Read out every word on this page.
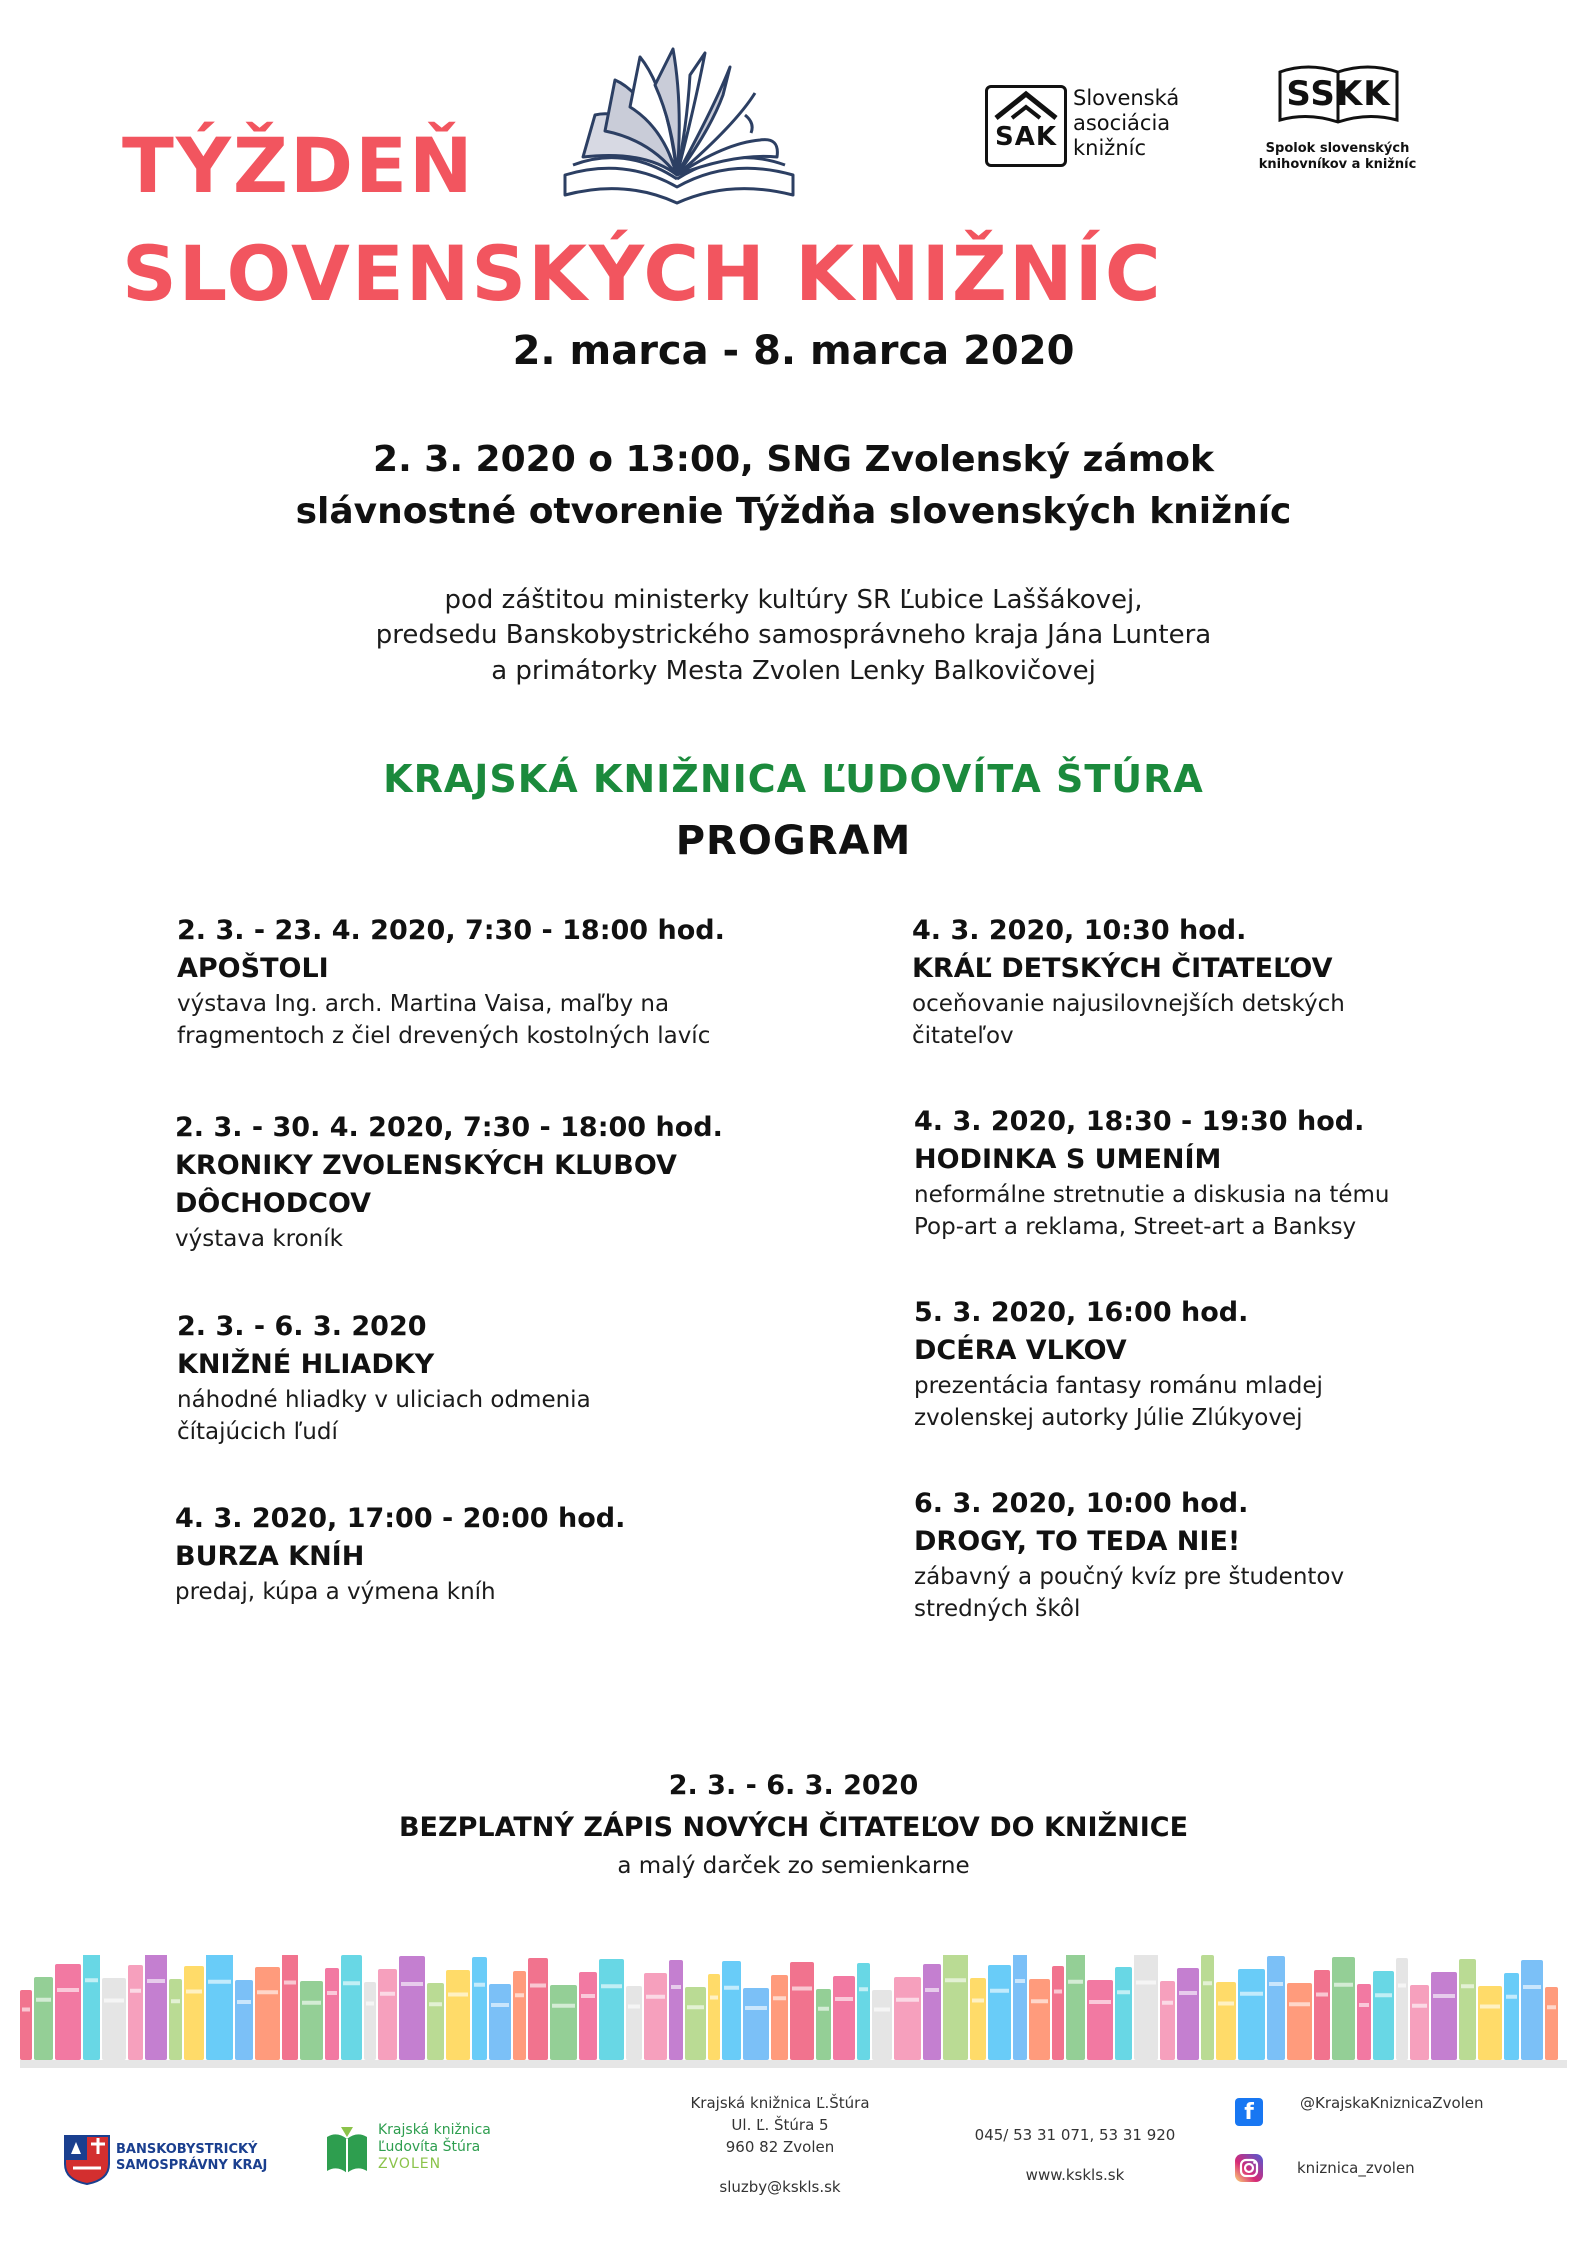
TÝŽDEŇ
SLOVENSKÝCH KNIŽNÍC
SAK
Slovenská
asociácia
knižníc
SSKK
Spolok slovenských
knihovníkov a knižníc
2. marca - 8. marca 2020
2. 3. 2020 o 13:00, SNG Zvolenský zámok
slávnostné otvorenie Týždňa slovenských knižníc
pod záštitou ministerky kultúry SR Ľubice Laššákovej,
predsedu Banskobystrického samosprávneho kraja Jána Luntera
a primátorky Mesta Zvolen Lenky Balkovičovej
KRAJSKÁ KNIŽNICA ĽUDOVÍTA ŠTÚRA
PROGRAM
2. 3. - 23. 4. 2020, 7:30 - 18:00 hod.
APOŠTOLI
výstava Ing. arch. Martina Vaisa, maľby na
fragmentoch z čiel drevených kostolných lavíc
2. 3. - 30. 4. 2020, 7:30 - 18:00 hod.
KRONIKY ZVOLENSKÝCH KLUBOV DÔCHODCOV
výstava kroník
2. 3. - 6. 3. 2020
KNIŽNÉ HLIADKY
náhodné hliadky v uliciach odmenia
čítajúcich ľudí
4. 3. 2020, 17:00 - 20:00 hod.
BURZA KNÍH
predaj, kúpa a výmena kníh
4. 3. 2020, 10:30 hod.
KRÁĽ DETSKÝCH ČITATEĽOV
oceňovanie najusilovnejších detských
čitateľov
4. 3. 2020, 18:30 - 19:30 hod.
HODINKA S UMENÍM
neformálne stretnutie a diskusia na tému
Pop-art a reklama, Street-art a Banksy
5. 3. 2020, 16:00 hod.
DCÉRA VLKOV
prezentácia fantasy románu mladej
zvolenskej autorky Júlie Zlúkyovej
6. 3. 2020, 10:00 hod.
DROGY, TO TEDA NIE!
zábavný a poučný kvíz pre študentov
stredných škôl
2. 3. - 6. 3. 2020
BEZPLATNÝ ZÁPIS NOVÝCH ČITATEĽOV DO KNIŽNICE
a malý darček zo semienkarne
BANSKOBYSTRICKÝ
SAMOSPRÁVNY KRAJ
Krajská knižnica
Ľudovíta Štúra
ZVOLEN
Krajská knižnica Ľ.Štúra
Ul. Ľ. Štúra 5
960 82 Zvolen
sluzby@kskls.sk
045/ 53 31 071, 53 31 920
www.kskls.sk
f	@KrajskaKniznicaZvolen
kniznica_zvolen
